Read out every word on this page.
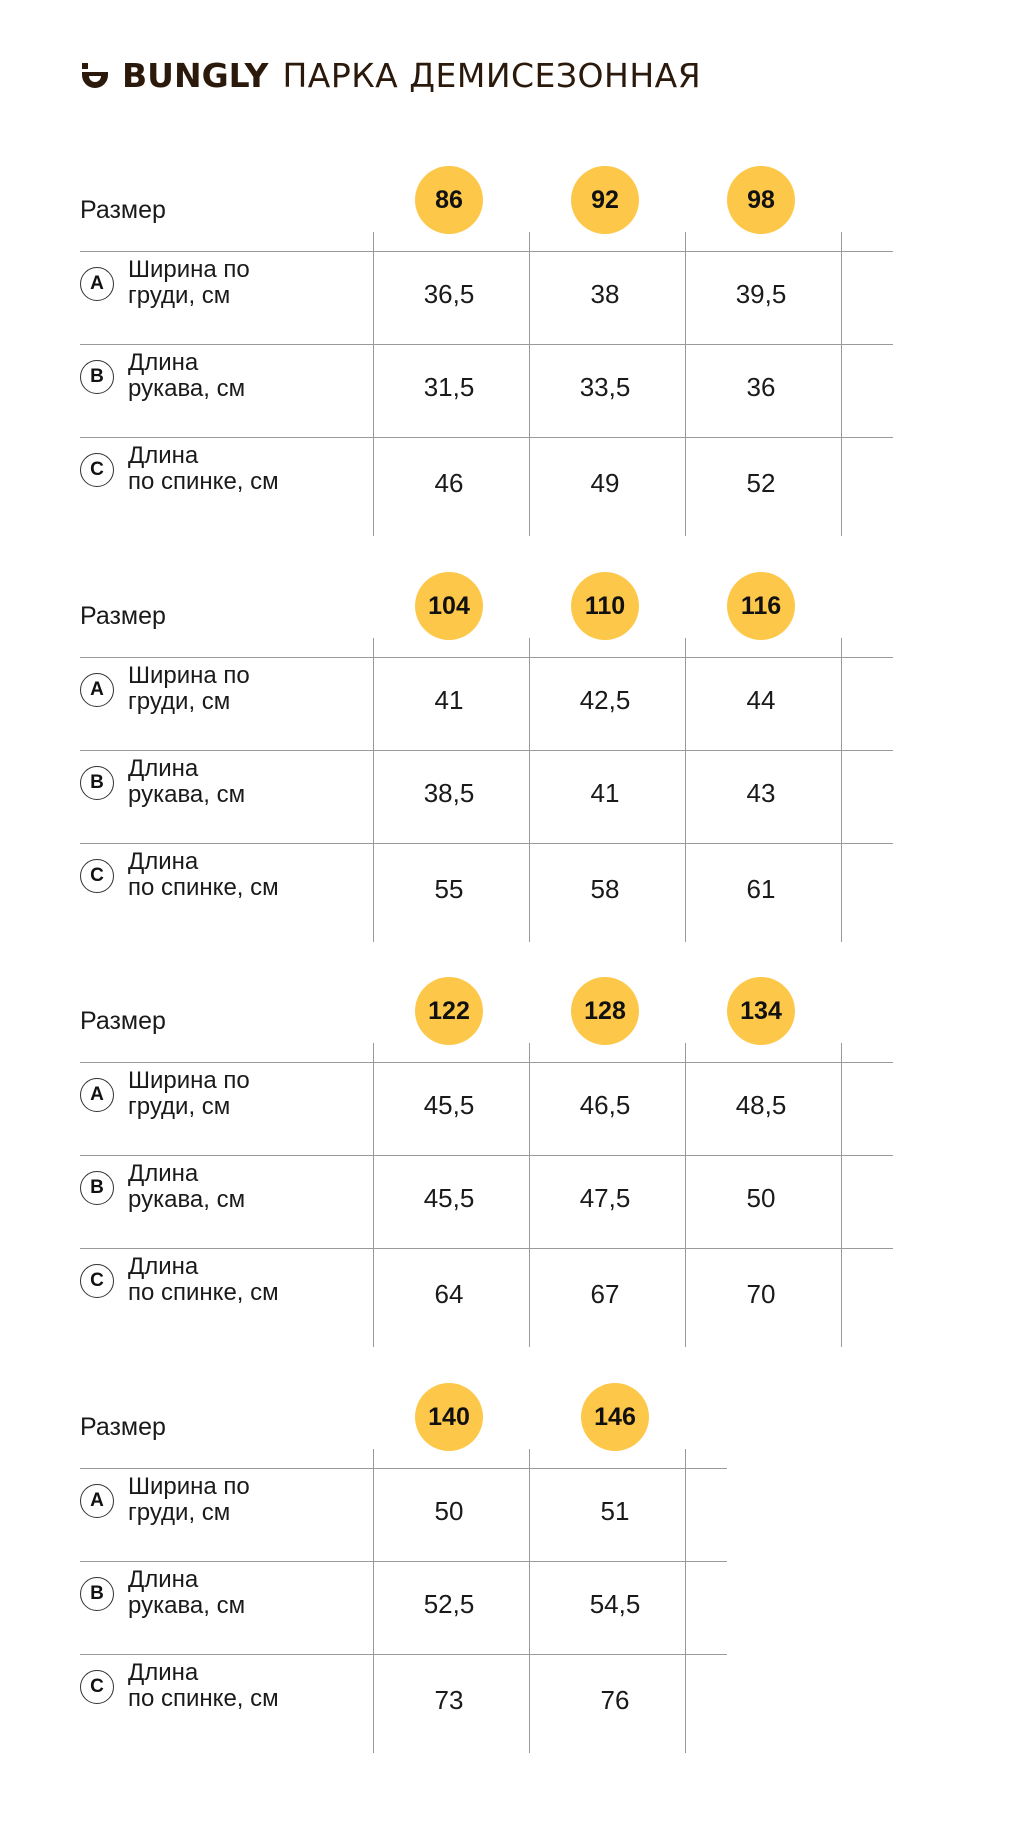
BUNGLY ПАРКА ДЕМИСЕЗОННАЯ
Размер	86	92	98
A
Ширина по
груди, см	36,5	38	39,5
B
Длина
рукава, см	31,5	33,5	36
C
Длина
по спинке, см	46	49	52
Размер	104	110	116
A
Ширина по
груди, см	41	42,5	44
B
Длина
рукава, см	38,5	41	43
C
Длина
по спинке, см	55	58	61
Размер	122	128	134
A
Ширина по
груди, см	45,5	46,5	48,5
B
Длина
рукава, см	45,5	47,5	50
C
Длина
по спинке, см	64	67	70
Размер	140	146
A
Ширина по
груди, см	50	51
B
Длина
рукава, см	52,5	54,5
C
Длина
по спинке, см	73	76
